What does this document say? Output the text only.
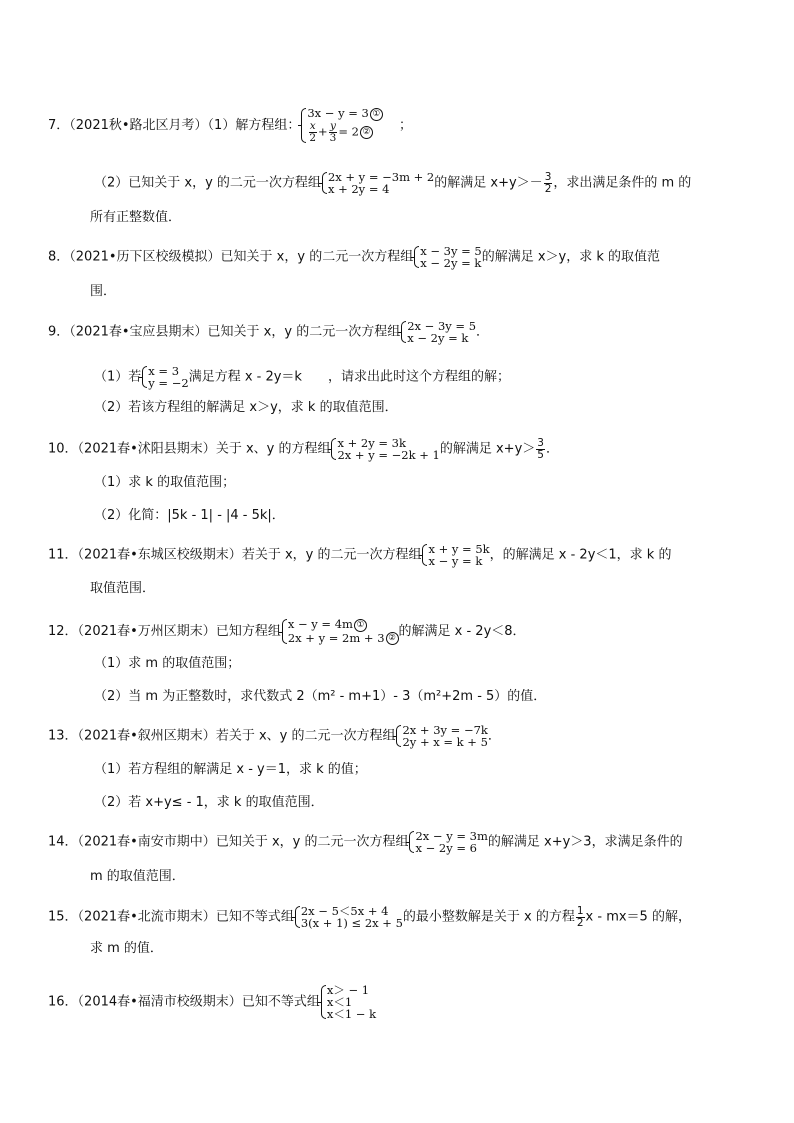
7．（2021秋•路北区月考）（1）解方程组：
3x − y = 3 ①
$\frac{x}{2} + \frac{y}{3} = 2$ ②	；
（2）已知关于 x，y 的二元一次方程组 2x + y = −3m + 2
x + 2y = 4	的解满足 $x+y>- \frac{3}{2}$ ，求出满足条件的 m 的
所有正整数值．
8．（2021•历下区校级模拟）已知关于 x，y 的二元一次方程组 x − 3y = 5
x − 2y = k 的解满足 x＞y，求 k 的取值范
围．
9．（2021春•宝应县期末）已知关于 x，y 的二元一次方程组 2x − 3y = 5
x − 2y = k ．
（1）若 x = 3
y = −2 满足方程 x - 2y＝k　　，请求出此时这个方程组的解；
（2）若该方程组的解满足 x＞y，求 k 的取值范围．
10．（2021春•沭阳县期末）关于 x、y 的方程组 x + 2y = 3k
2x + y = −2k + 1 的解满足 $x+y> \frac{3}{5}$ ．
（1）求 k 的取值范围；
（2）化简：|5k - 1| - |4 - 5k|．
11．（2021春•东城区校级期末）若关于 x，y 的二元一次方程组 x + y = 5k
x − y = k ，的解满足 x - 2y＜1，求 k 的
取值范围．
12．（2021春•万州区期末）已知方程组 x − y = 4m ①
2x + y = 2m + 3 ② 的解满足 x - 2y＜8．
（1）求 m 的取值范围；
（2）当 m 为正整数时，求代数式 2（m² - m+1）- 3（m²+2m - 5）的值．
13．（2021春•叙州区期末）若关于 x、y 的二元一次方程组 2x + 3y = −7k
2y + x = k + 5 ．
（1）若方程组的解满足 x - y＝1，求 k 的值；
（2）若 x+y≤ - 1，求 k 的取值范围．
14．（2021春•南安市期中）已知关于 x，y 的二元一次方程组 2x − y = 3m
x − 2y = 6 的解满足 x+y＞3，求满足条件的
m 的取值范围．
15．（2021春•北流市期末）已知不等式组 2x − 5＜5x + 4
3(x + 1) ≤ 2x + 5 的最小整数解是关于 x 的方程 $\frac{1}{2}$ x - mx＝5 的解，
求 m 的值．
16．（2014春•福清市校级期末）已知不等式组
x＞ − 1
x＜1
x＜1 − k
